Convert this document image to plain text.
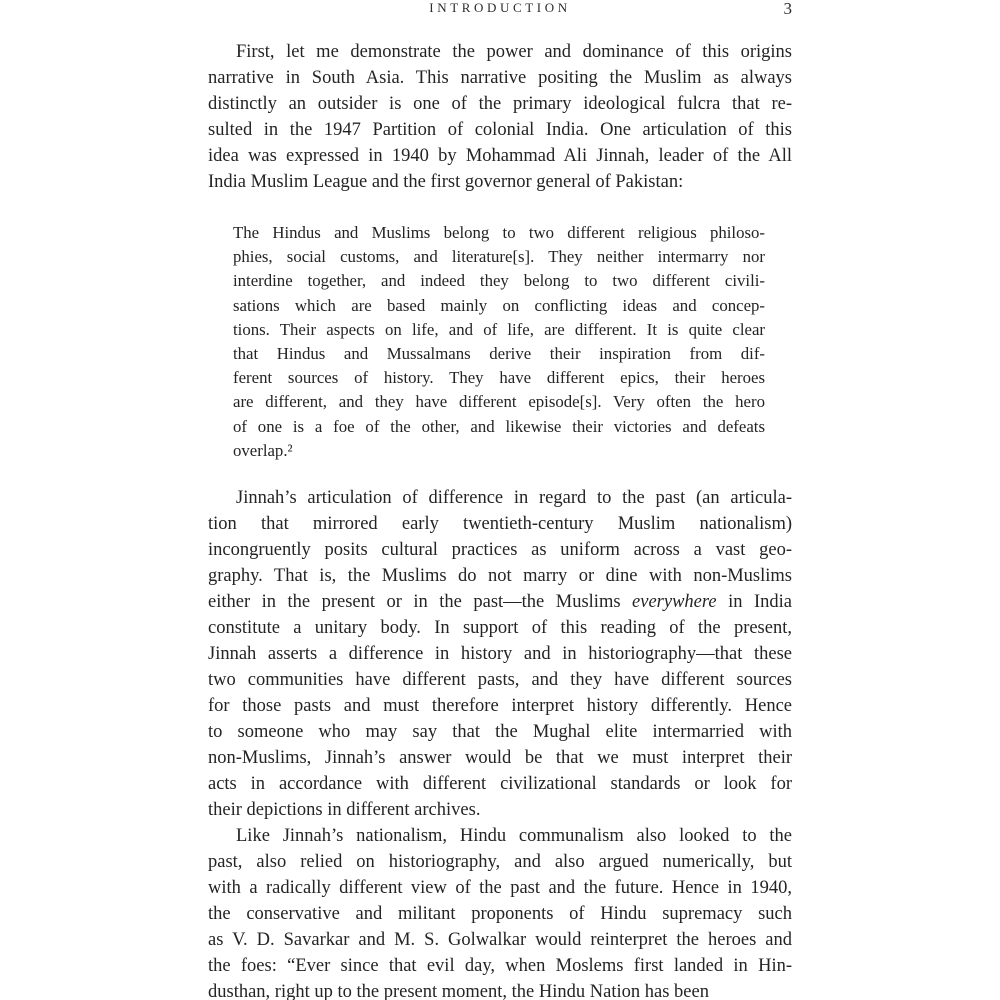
INTRODUCTION	3
First, let me demonstrate the power and dominance of this origins
narrative in South Asia. This narrative positing the Muslim as always
distinctly an outsider is one of the primary ideological fulcra that re-
sulted in the 1947 Partition of colonial India. One articulation of this
idea was expressed in 1940 by Mohammad Ali Jinnah, leader of the All
India Muslim League and the first governor general of Pakistan:
The Hindus and Muslims belong to two different religious philoso-
phies, social customs, and literature[s]. They neither intermarry nor
interdine together, and indeed they belong to two different civili-
sations which are based mainly on conflicting ideas and concep-
tions. Their aspects on life, and of life, are different. It is quite clear
that Hindus and Mussalmans derive their inspiration from dif-
ferent sources of history. They have different epics, their heroes
are different, and they have different episode[s]. Very often the hero
of one is a foe of the other, and likewise their victories and defeats
overlap.²
Jinnah’s articulation of difference in regard to the past (an articula-
tion that mirrored early twentieth-century Muslim nationalism)
incongruently posits cultural practices as uniform across a vast geo-
graphy. That is, the Muslims do not marry or dine with non-Muslims
either in the present or in the past—the Muslims everywhere in India
constitute a unitary body. In support of this reading of the present,
Jinnah asserts a difference in history and in historiography—that these
two communities have different pasts, and they have different sources
for those pasts and must therefore interpret history differently. Hence
to someone who may say that the Mughal elite intermarried with
non-Muslims, Jinnah’s answer would be that we must interpret their
acts in accordance with different civilizational standards or look for
their depictions in different archives.
Like Jinnah’s nationalism, Hindu communalism also looked to the
past, also relied on historiography, and also argued numerically, but
with a radically different view of the past and the future. Hence in 1940,
the conservative and militant proponents of Hindu supremacy such
as V. D. Savarkar and M. S. Golwalkar would reinterpret the heroes and
the foes: “Ever since that evil day, when Moslems first landed in Hin-
dusthan, right up to the present moment, the Hindu Nation has been
